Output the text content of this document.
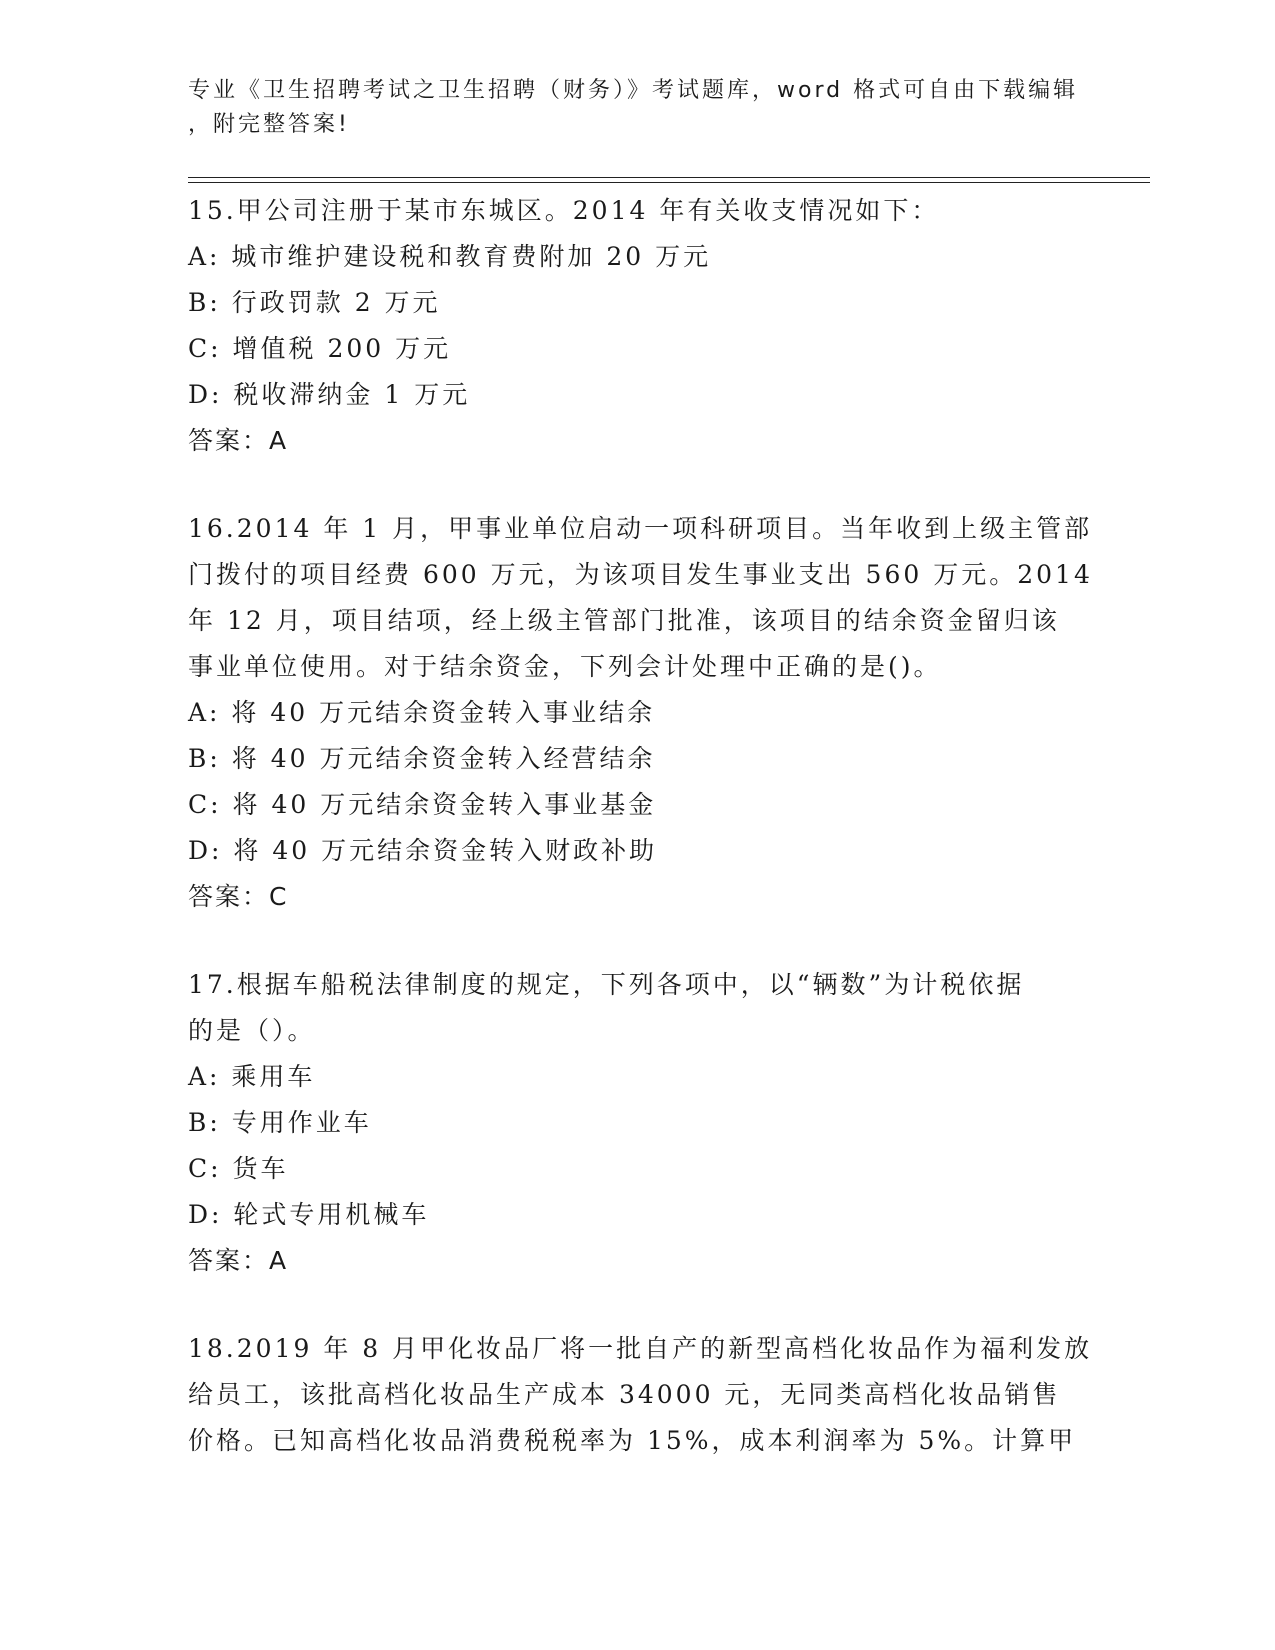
专业《卫生招聘考试之卫生招聘（财务）》考试题库，word 格式可自由下载编辑
，附完整答案!
15.甲公司注册于某市东城区。2014 年有关收支情况如下：
A: 城市维护建设税和教育费附加 20 万元
B: 行政罚款 2 万元
C: 增值税 200 万元
D: 税收滞纳金 1 万元
答案：A
16.2014 年 1 月，甲事业单位启动一项科研项目。当年收到上级主管部
门拨付的项目经费 600 万元，为该项目发生事业支出 560 万元。2014
年 12 月，项目结项，经上级主管部门批准，该项目的结余资金留归该
事业单位使用。对于结余资金，下列会计处理中正确的是()。
A: 将 40 万元结余资金转入事业结余
B: 将 40 万元结余资金转入经营结余
C: 将 40 万元结余资金转入事业基金
D: 将 40 万元结余资金转入财政补助
答案：C
17.根据车船税法律制度的规定，下列各项中，以“辆数”为计税依据
的是（）。
A: 乘用车
B: 专用作业车
C: 货车
D: 轮式专用机械车
答案：A
18.2019 年 8 月甲化妆品厂将一批自产的新型高档化妆品作为福利发放
给员工，该批高档化妆品生产成本 34000 元，无同类高档化妆品销售
价格。已知高档化妆品消费税税率为 15%，成本利润率为 5%。计算甲
